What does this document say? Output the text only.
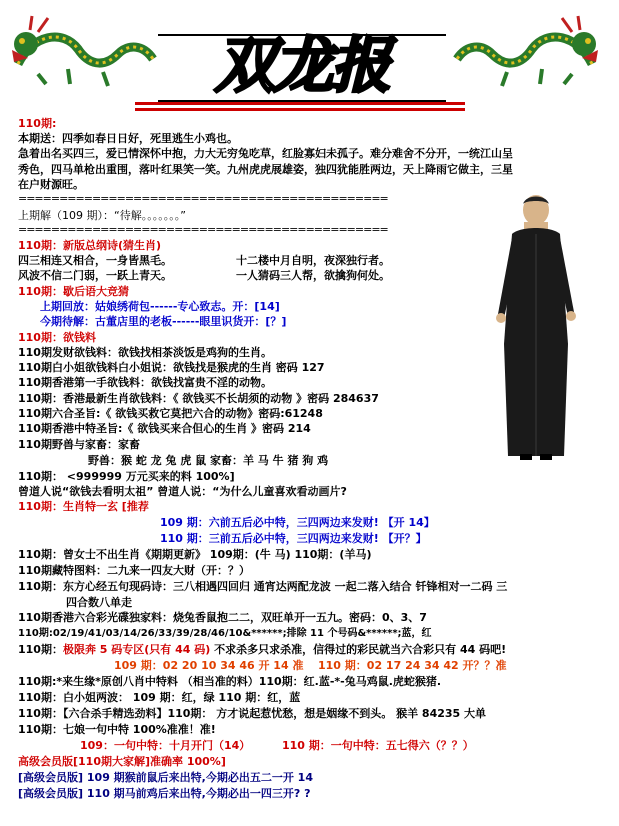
双龙报
110期:
本期送：四季如春日日好，死里逃生小鸡也。
急着出名买四三，爱已情深怀中抱，力大无穷兔吃草，红脸寡妇未孤子。难分难舍不分开，一统江山呈
秀色，四马单枪出重围，落叶红果笑一笑。九州虎虎展雄姿，独四犹能胜两边，天上降雨它做主，三星
在户财源旺。
=============================================
上期解（109 期）：“待解。。。。。。。”
=============================================
110期：新版总纲诗(猜生肖)
四三相连又相合，一身皆黑毛。	十二楼中月自明，夜深独行者。
风波不信二门弱，一跃上青天。	一人猜码三人帮，欲擒狗何处。
110期：歇后语大竞猜
上期回放：姑娘绣荷包------专心致志。开：[14]
今期待解：古董店里的老板------眼里识货开：[？]
110期：欲钱料
110期发财欲钱料：欲钱找相茶淡饭是鸡狗的生肖。
110期白小姐欲钱料白小姐说：欲钱找是猴虎的生肖 密码 127
110期香港第一手欲钱料：欲钱找富贵不淫的动物。
110期：香港最新生肖欲钱料：《 欲钱买不长胡须的动物 》密码 284637
110期六合圣旨:《 欲钱买救它莫把六合的动物》密码:61248
110期香港中特圣旨:《 欲钱买来合但心的生肖 》密码 214
110期野兽与家畜：家畜
野兽：猴 蛇 龙 兔 虎 鼠 家畜：羊 马 牛 猪 狗 鸡
110期： <999999 万元买来的料 100%]
曾道人说“欲钱去看明太祖” 曾道人说：“为什么儿童喜欢看动画片?
110期：生肖特一玄 [推荐
109 期：六前五后必中特，三四两边来发财! 【开 14】
110 期：三前五后必中特，三四两边来发财! 【开？】
110期：曾女士不出生肖《期期更新》 109期：(牛 马) 110期：(羊马)
110期藏特图料：二九来一四友大财（开：？）
110期：东方心经五句现码诗：三八相遇四回归 通宵达两配龙波 一起二落入结合 钎锋相对一二码 三
四合数八单走
110期香港六合彩光碟独家料：烧兔香鼠抱二二，双旺单开一五九。密码：0、3、7
110期:02/19/41/03/14/26/33/39/28/46/10&******;排除 11 个号码&******;蓝，红
110期：极限奔 5 码专区(只有 44 码) 不求杀多只求杀准，信得过的彩民就当六合彩只有 44 码吧!
109 期：02 20 10 34 46 开 14 准 110 期：02 17 24 34 42 开？？准
110期:*来生缘*原创八肖中特料 （相当准的料）110期：红.蓝-*-兔马鸡鼠.虎蛇猴猪.
110期：白小姐两波： 109 期：红，绿 110 期：红，蓝
110期：【六合杀手精选劲料】110期： 方才说起惹忧愁，想是姻缘不到头。 猴羊 84235 大单
110期：七娘一句中特 100%准准！准!
109：一句中特：十月开门（14）	110 期：一句中特：五七得六（？？）
高级会员版[110期大家解]准确率 100%]
[高级会员版] 109 期猴前鼠后来出特,今期必出五二一开 14
[高级会员版] 110 期马前鸡后来出特,今期必出一四三开? ?
